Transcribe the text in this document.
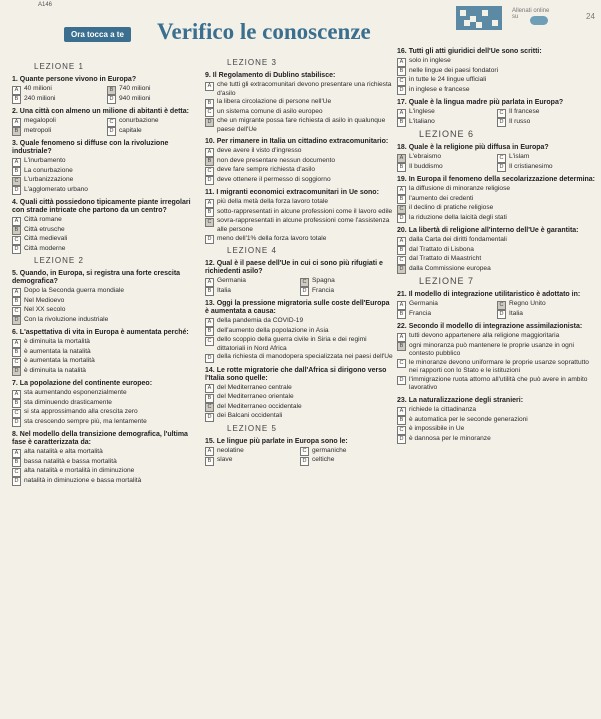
A146
Ora tocca a te	Verifico le conoscenze
Allenati online su	24
LEZIONE 1
1. Quante persone vivono in Europa?
A 40 milioni	B 740 milioni
B 240 milioni	D 940 milioni
2. Una città con almeno un milione di abitanti è detta:
A megalopoli	C conurbazione
B metropoli	D capitale
3. Quale fenomeno si diffuse con la rivoluzione industriale?
A L'inurbamento
B La conurbazione
C L'urbanizzazione
D L'agglomerato urbano
4. Quali città possiedono tipicamente piante irregolari con strade intricate che partono da un centro?
A Città romane
B Città etrusche
C Città medievali
D Città moderne
LEZIONE 2
5. Quando, in Europa, si registra una forte crescita demografica?
A Dopo la Seconda guerra mondiale
B Nel Medioevo
C Nel XX secolo
D Con la rivoluzione industriale
6. L'aspettativa di vita in Europa è aumentata perché:
A è diminuita la mortalità
B è aumentata la natalità
C è aumentata la mortalità
D è diminuita la natalità
7. La popolazione del continente europeo:
A sta aumentando esponenzialmente
B sta diminuendo drasticamente
C si sta approssimando alla crescita zero
D sta crescendo sempre più, ma lentamente
8. Nel modello della transizione demografica, l'ultima fase è caratterizzata da:
A alta natalità e alta mortalità
B bassa natalità e bassa mortalità
C alta natalità e mortalità in diminuzione
D natalità in diminuzione e bassa mortalità
LEZIONE 3
9. Il Regolamento di Dublino stabilisce:
A che tutti gli extracomunitari devono presentare una richiesta d'asilo
B la libera circolazione di persone nell'Ue
C un sistema comune di asilo europeo
D che un migrante possa fare richiesta di asilo in qualunque paese dell'Ue
10. Per rimanere in Italia un cittadino extracomunitario:
A deve avere il visto d'ingresso
B non deve presentare nessun documento
C deve fare sempre richiesta d'asilo
D deve ottenere il permesso di soggiorno
11. I migranti economici extracomunitari in Ue sono:
A più della metà della forza lavoro totale
B sotto-rappresentati in alcune professioni come il lavoro edile
C sovra-rappresentati in alcune professioni come l'assistenza alle persone
D meno dell'1% della forza lavoro totale
LEZIONE 4
12. Qual è il paese dell'Ue in cui ci sono più rifugiati e richiedenti asilo?
A Germania	C Spagna
B Italia	D Francia
13. Oggi la pressione migratoria sulle coste dell'Europa è aumentata a causa:
A della pandemia da COVID-19
B dell'aumento della popolazione in Asia
C dello scoppio della guerra civile in Siria e dei regimi dittatoriali in Nord Africa
D della richiesta di manodopera specializzata nei paesi dell'Ue
14. Le rotte migratorie che dall'Africa si dirigono verso l'Italia sono quelle:
A del Mediterraneo centrale
B del Mediterraneo orientale
C del Mediterraneo occidentale
D dei Balcani occidentali
LEZIONE 5
15. Le lingue più parlate in Europa sono le:
A neolatine	C germaniche
B slave	D celtiche
16. Tutti gli atti giuridici dell'Ue sono scritti:
A solo in inglese
B nelle lingue dei paesi fondatori
C in tutte le 24 lingue ufficiali
D in inglese e francese
17. Quale è la lingua madre più parlata in Europa?
A L'inglese	C Il francese
B L'italiano	D Il russo
LEZIONE 6
18. Quale è la religione più diffusa in Europa?
A L'ebraismo	C L'islam
B Il buddismo	D Il cristianesimo
19. In Europa il fenomeno della secolarizzazione determina:
A la diffusione di minoranze religiose
B l'aumento dei credenti
C il declino di pratiche religiose
D la riduzione della laicità degli stati
20. La libertà di religione all'interno dell'Ue è garantita:
A dalla Carta dei diritti fondamentali
B dal Trattato di Lisbona
C dal Trattato di Maastricht
D dalla Commissione europea
LEZIONE 7
21. Il modello di integrazione utilitaristico è adottato in:
A Germania	C Regno Unito
B Francia	D Italia
22. Secondo il modello di integrazione assimilazionista:
A tutti devono appartenere alla religione maggioritaria
B ogni minoranza può mantenere le proprie usanze in ogni contesto pubblico
C le minoranze devono uniformare le proprie usanze soprattutto nei rapporti con lo Stato e le istituzioni
D l'immigrazione ruota attorno all'utilità che può avere in ambito lavorativo
23. La naturalizzazione degli stranieri:
A richiede la cittadinanza
B è automatica per le seconde generazioni
C è impossibile in Ue
D è dannosa per le minoranze
